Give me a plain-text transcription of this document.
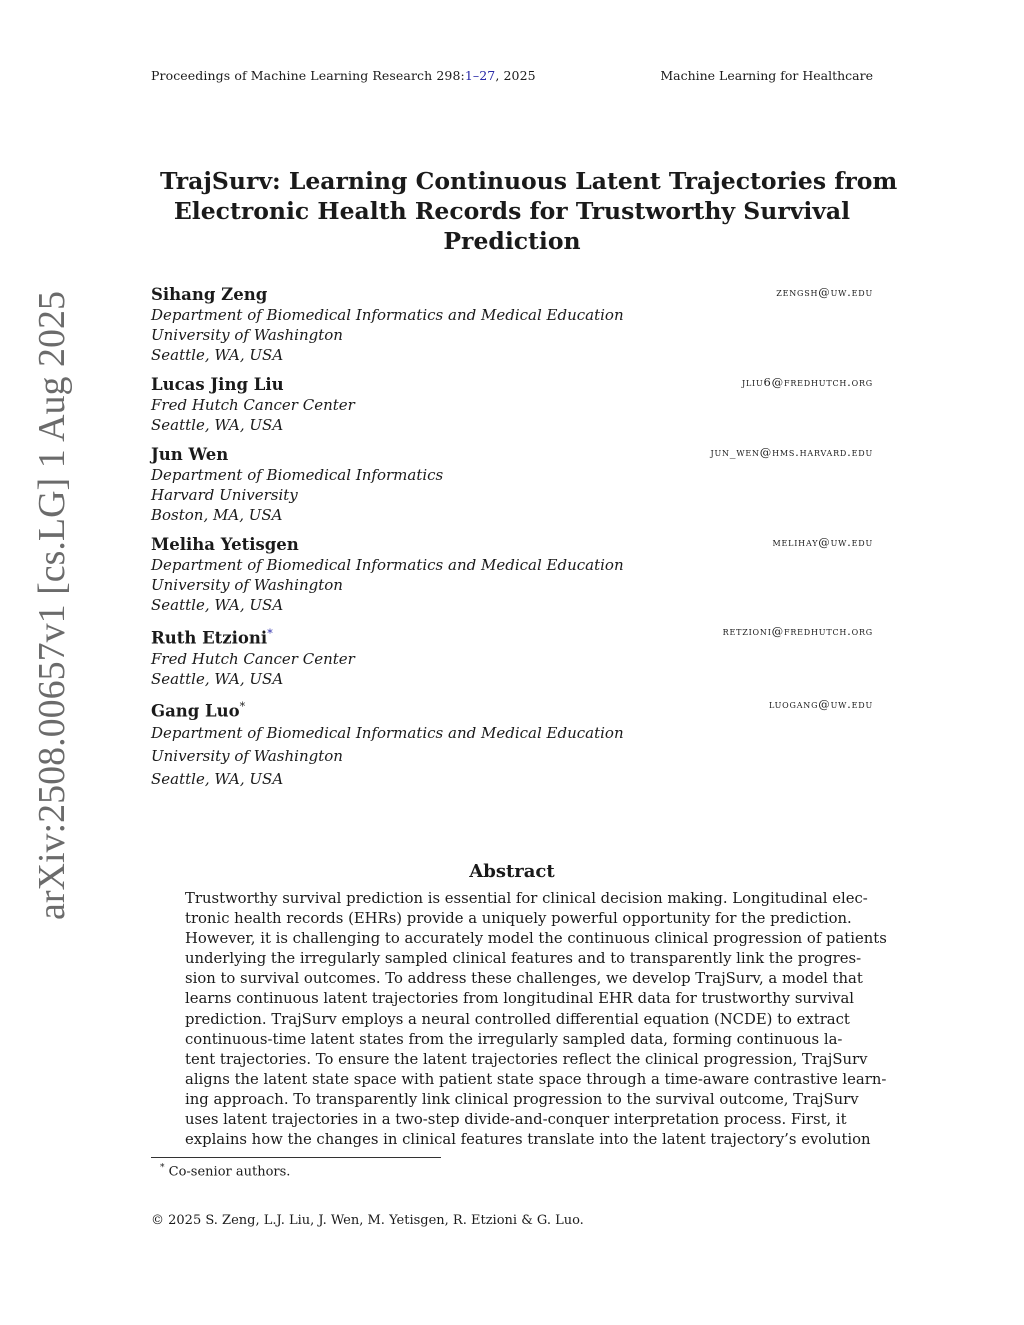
Proceedings of Machine Learning Research 298:1–27, 2025	Machine Learning for Healthcare
arXiv:2508.00657v1 [cs.LG] 1 Aug 2025
TrajSurv: Learning Continuous Latent Trajectories from
Electronic Health Records for Trustworthy Survival
Prediction
Sihang Zeng	zengsh@uw.edu
Department of Biomedical Informatics and Medical Education
University of Washington
Seattle, WA, USA
Lucas Jing Liu	jliu6@fredhutch.org
Fred Hutch Cancer Center
Seattle, WA, USA
Jun Wen	jun_wen@hms.harvard.edu
Department of Biomedical Informatics
Harvard University
Boston, MA, USA
Meliha Yetisgen	melihay@uw.edu
Department of Biomedical Informatics and Medical Education
University of Washington
Seattle, WA, USA
Ruth Etzioni*	retzioni@fredhutch.org
Fred Hutch Cancer Center
Seattle, WA, USA
Gang Luo*	luogang@uw.edu
Department of Biomedical Informatics and Medical Education
University of Washington
Seattle, WA, USA
Abstract
Trustworthy survival prediction is essential for clinical decision making. Longitudinal elec-
tronic health records (EHRs) provide a uniquely powerful opportunity for the prediction.
However, it is challenging to accurately model the continuous clinical progression of patients
underlying the irregularly sampled clinical features and to transparently link the progres-
sion to survival outcomes. To address these challenges, we develop TrajSurv, a model that
learns continuous latent trajectories from longitudinal EHR data for trustworthy survival
prediction. TrajSurv employs a neural controlled differential equation (NCDE) to extract
continuous-time latent states from the irregularly sampled data, forming continuous la-
tent trajectories. To ensure the latent trajectories reflect the clinical progression, TrajSurv
aligns the latent state space with patient state space through a time-aware contrastive learn-
ing approach. To transparently link clinical progression to the survival outcome, TrajSurv
uses latent trajectories in a two-step divide-and-conquer interpretation process. First, it
explains how the changes in clinical features translate into the latent trajectory’s evolution
* Co-senior authors.
© 2025 S. Zeng, L.J. Liu, J. Wen, M. Yetisgen, R. Etzioni & G. Luo.
